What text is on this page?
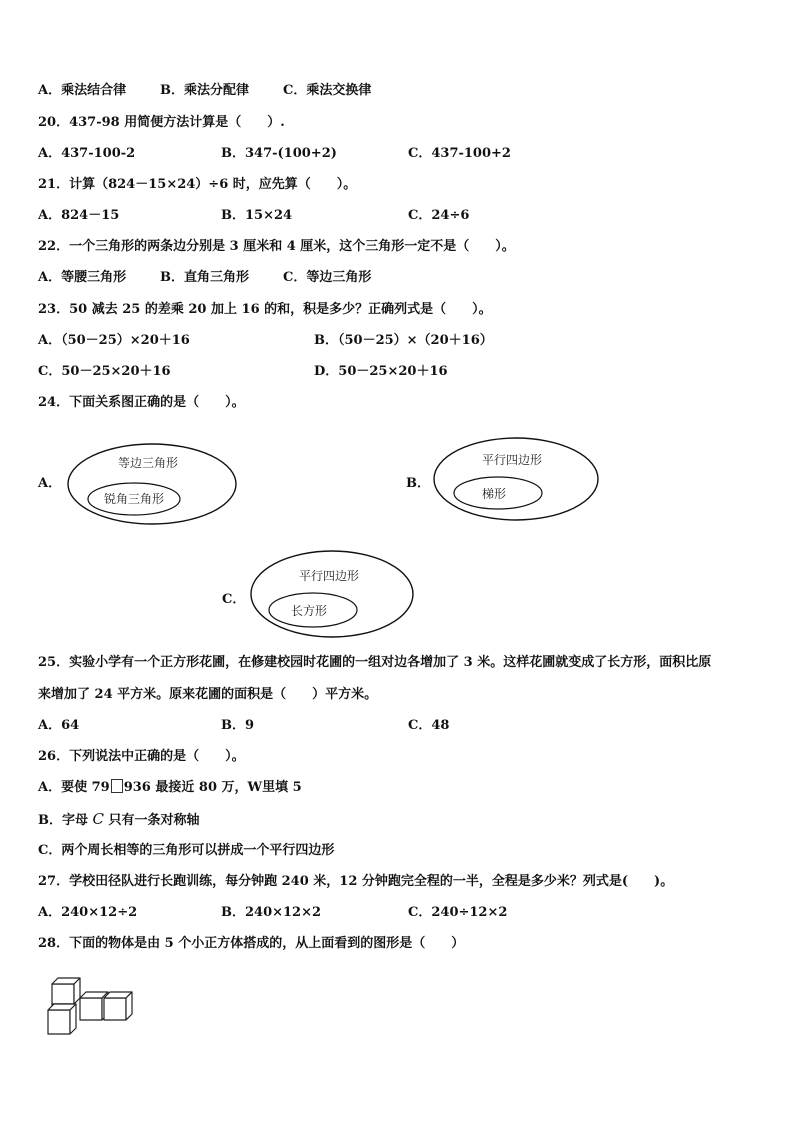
A．乘法结合律	B．乘法分配律	C．乘法交换律
20．437-98 用简便方法计算是（　　）.
A．437-100-2	B．347-(100+2)	C．437-100+2
21．计算（824－15×24）÷6 时，应先算（　　）。
A．824－15	B．15×24	C．24÷6
22．一个三角形的两条边分别是 3 厘米和 4 厘米，这个三角形一定不是（　　）。
A．等腰三角形	B．直角三角形	C．等边三角形
23．50 减去 25 的差乘 20 加上 16 的和，积是多少？正确列式是（　　）。
A．（50－25）×20＋16	B．（50－25）×（20＋16）
C．50－25×20＋16	D．50－25×20＋16
24．下面关系图正确的是（　　）。
A．
等边三角形
锐角三角形
B．
平行四边形
梯形
C．
平行四边形
长方形
25．实验小学有一个正方形花圃，在修建校园时花圃的一组对边各增加了 3 米。这样花圃就变成了长方形，面积比原
来增加了 24 平方米。原来花圃的面积是（　　）平方米。
A．64	B．9	C．48
26．下列说法中正确的是（　　）。
A．要使 79 936 最接近 80 万，W里填 5
B．字母 C 只有一条对称轴
C．两个周长相等的三角形可以拼成一个平行四边形
27．学校田径队进行长跑训练，每分钟跑 240 米，12 分钟跑完全程的一半，全程是多少米？列式是(　　)。
A．240×12÷2	B．240×12×2	C．240÷12×2
28．下面的物体是由 5 个小正方体搭成的，从上面看到的图形是（　　）
